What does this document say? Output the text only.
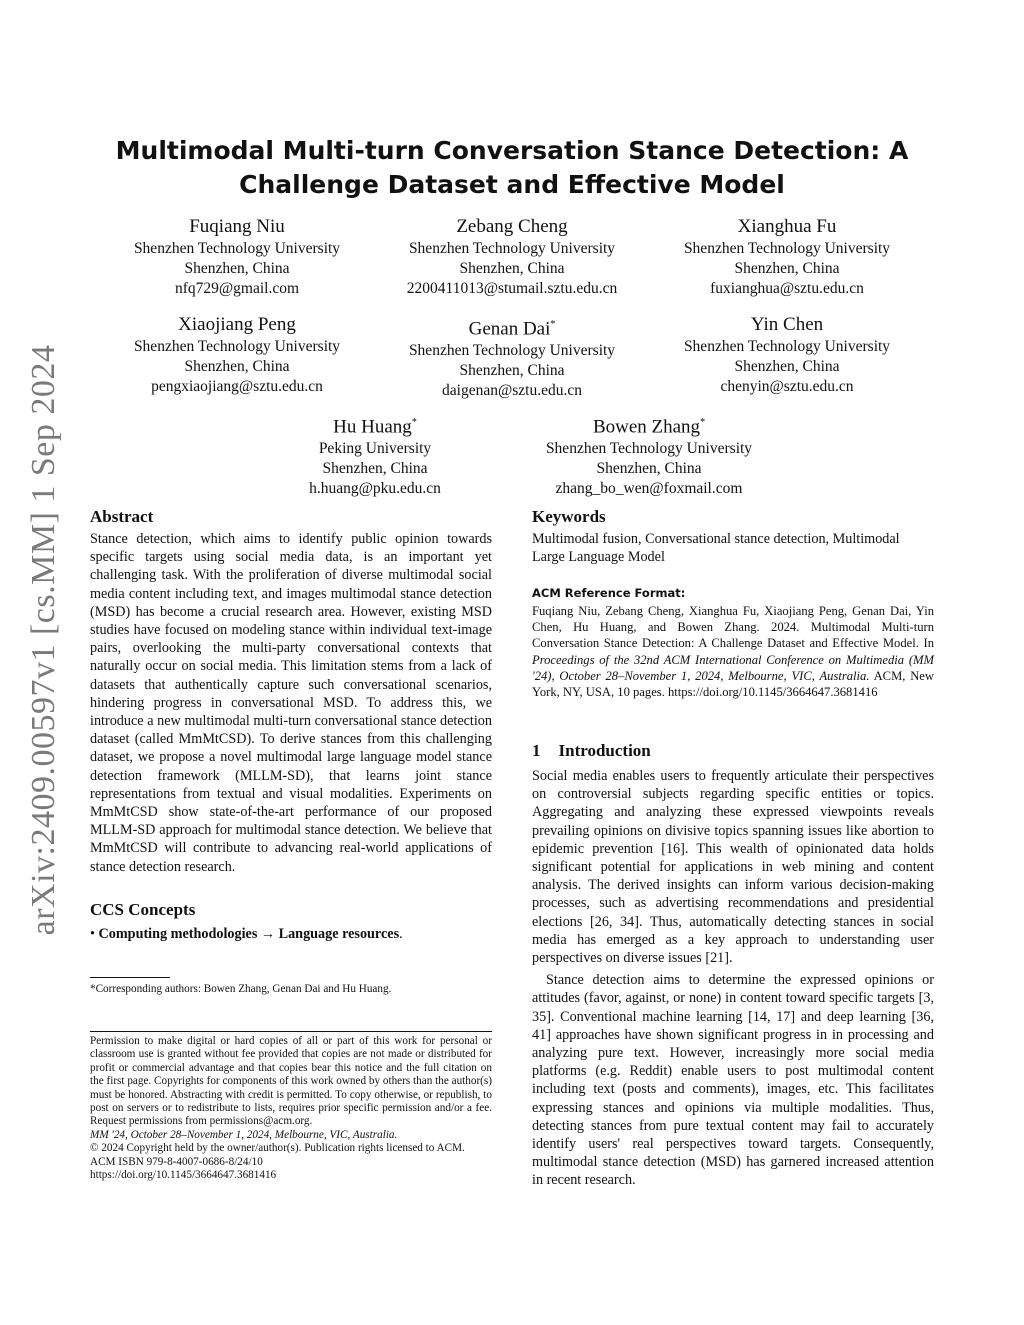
arXiv:2409.00597v1 [cs.MM] 1 Sep 2024
Multimodal Multi-turn Conversation Stance Detection: A
Challenge Dataset and Effective Model
Fuqiang Niu
Shenzhen Technology University
Shenzhen, China
nfq729@gmail.com
Zebang Cheng
Shenzhen Technology University
Shenzhen, China
2200411013@stumail.sztu.edu.cn
Xianghua Fu
Shenzhen Technology University
Shenzhen, China
fuxianghua@sztu.edu.cn
Xiaojiang Peng
Shenzhen Technology University
Shenzhen, China
pengxiaojiang@sztu.edu.cn
Genan Dai*
Shenzhen Technology University
Shenzhen, China
daigenan@sztu.edu.cn
Yin Chen
Shenzhen Technology University
Shenzhen, China
chenyin@sztu.edu.cn
Hu Huang*
Peking University
Shenzhen, China
h.huang@pku.edu.cn
Bowen Zhang*
Shenzhen Technology University
Shenzhen, China
zhang_bo_wen@foxmail.com
Abstract
Stance detection, which aims to identify public opinion towards specific targets using social media data, is an important yet challenging task. With the proliferation of diverse multimodal social media content including text, and images multimodal stance detection (MSD) has become a crucial research area. However, existing MSD studies have focused on modeling stance within individual text-image pairs, overlooking the multi-party conversational contexts that naturally occur on social media. This limitation stems from a lack of datasets that authentically capture such conversational scenarios, hindering progress in conversational MSD. To address this, we introduce a new multimodal multi-turn conversational stance detection dataset (called MmMtCSD). To derive stances from this challenging dataset, we propose a novel multimodal large language model stance detection framework (MLLM-SD), that learns joint stance representations from textual and visual modalities. Experiments on MmMtCSD show state-of-the-art performance of our proposed MLLM-SD approach for multimodal stance detection. We believe that MmMtCSD will contribute to advancing real-world applications of stance detection research.
CCS Concepts
• Computing methodologies → Language resources.
*Corresponding authors: Bowen Zhang, Genan Dai and Hu Huang.

Permission to make digital or hard copies of all or part of this work for personal or classroom use is granted without fee provided that copies are not made or distributed for profit or commercial advantage and that copies bear this notice and the full citation on the first page. Copyrights for components of this work owned by others than the author(s) must be honored. Abstracting with credit is permitted. To copy otherwise, or republish, to post on servers or to redistribute to lists, requires prior specific permission and/or a fee. Request permissions from permissions@acm.org.

MM '24, October 28–November 1, 2024, Melbourne, VIC, Australia.

© 2024 Copyright held by the owner/author(s). Publication rights licensed to ACM.

ACM ISBN 979-8-4007-0686-8/24/10

https://doi.org/10.1145/3664647.3681416

Keywords
Multimodal fusion, Conversational stance detection, Multimodal Large Language Model
ACM Reference Format:
Fuqiang Niu, Zebang Cheng, Xianghua Fu, Xiaojiang Peng, Genan Dai, Yin Chen, Hu Huang, and Bowen Zhang. 2024. Multimodal Multi-turn Conversation Stance Detection: A Challenge Dataset and Effective Model. In Proceedings of the 32nd ACM International Conference on Multimedia (MM '24), October 28–November 1, 2024, Melbourne, VIC, Australia. ACM, New York, NY, USA, 10 pages. https://doi.org/10.1145/3664647.3681416
1 Introduction

Social media enables users to frequently articulate their perspectives on controversial subjects regarding specific entities or topics. Aggregating and analyzing these expressed viewpoints reveals prevailing opinions on divisive topics spanning issues like abortion to epidemic prevention [16]. This wealth of opinionated data holds significant potential for applications in web mining and content analysis. The derived insights can inform various decision-making processes, such as advertising recommendations and presidential elections [26, 34]. Thus, automatically detecting stances in social media has emerged as a key approach to understanding user perspectives on diverse issues [21].

Stance detection aims to determine the expressed opinions or attitudes (favor, against, or none) in content toward specific targets [3, 35]. Conventional machine learning [14, 17] and deep learning [36, 41] approaches have shown significant progress in in processing and analyzing pure text. However, increasingly more social media platforms (e.g. Reddit) enable users to post multimodal content including text (posts and comments), images, etc. This facilitates expressing stances and opinions via multiple modalities. Thus, detecting stances from pure textual content may fail to accurately identify users' real perspectives toward targets. Consequently, multimodal stance detection (MSD) has garnered increased attention in recent research.
